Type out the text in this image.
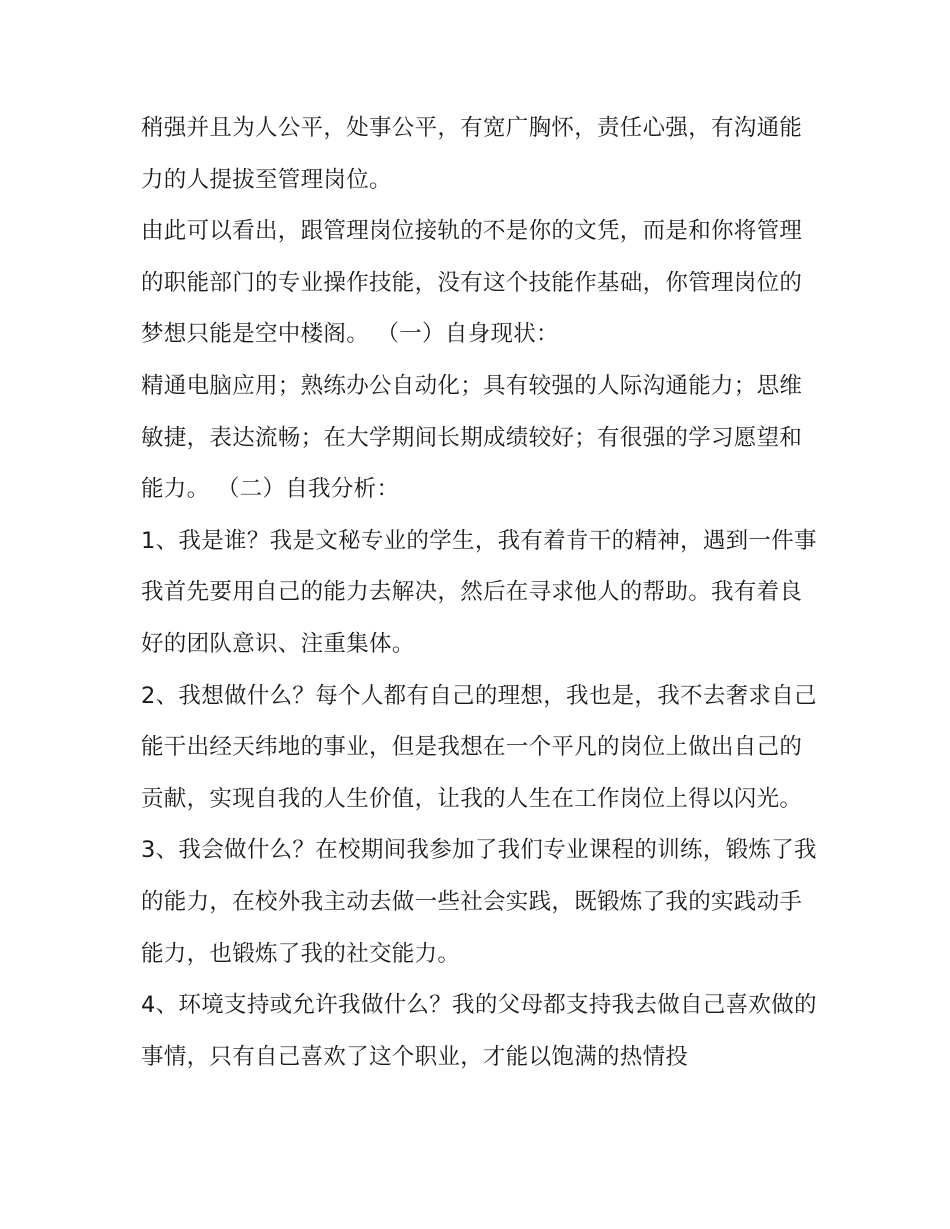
稍强并且为人公平，处事公平，有宽广胸怀，责任心强，有沟通能力的人提拔至管理岗位。

由此可以看出，跟管理岗位接轨的不是你的文凭，而是和你将管理的职能部门的专业操作技能，没有这个技能作基础，你管理岗位的梦想只能是空中楼阁。 （一）自身现状：

精通电脑应用；熟练办公自动化；具有较强的人际沟通能力；思维敏捷，表达流畅；在大学期间长期成绩较好；有很强的学习愿望和能力。 （二）自我分析：

1、我是谁？我是文秘专业的学生，我有着肯干的精神，遇到一件事我首先要用自己的能力去解决，然后在寻求他人的帮助。我有着良好的团队意识、注重集体。

2、我想做什么？每个人都有自己的理想，我也是，我不去奢求自己能干出经天纬地的事业，但是我想在一个平凡的岗位上做出自己的贡献，实现自我的人生价值，让我的人生在工作岗位上得以闪光。

3、我会做什么？在校期间我参加了我们专业课程的训练，锻炼了我的能力，在校外我主动去做一些社会实践，既锻炼了我的实践动手能力，也锻炼了我的社交能力。

4、环境支持或允许我做什么？我的父母都支持我去做自己喜欢做的事情，只有自己喜欢了这个职业，才能以饱满的热情投
